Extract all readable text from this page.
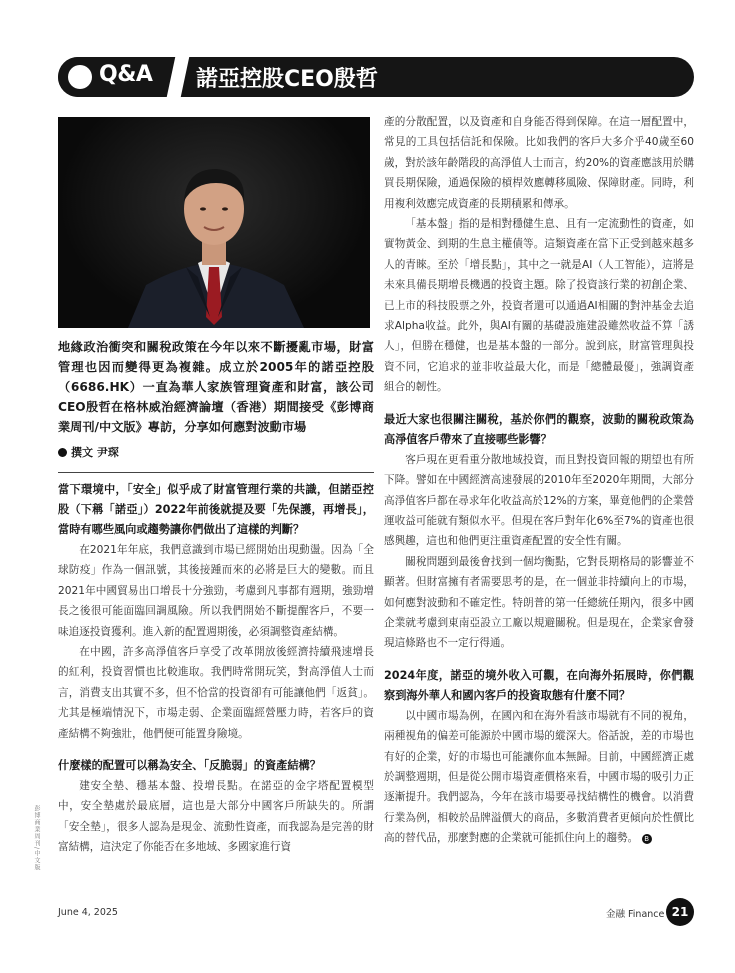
Q&A 諾亞控股CEO殷哲
地緣政治衝突和關稅政策在今年以來不斷擾亂市場，財富管理也因而變得更為複雜。成立於2005年的諾亞控股（6686.HK）一直為華人家族管理資產和財富，該公司CEO殷哲在格林威治經濟論壇（香港）期間接受《彭博商業周刊/中文版》專訪，分享如何應對波動市場
撰文 尹琛

當下環境中，「安全」似乎成了財富管理行業的共識，但諾亞控股（下稱「諾亞」）2022年前後就提及要「先保護，再增長」，當時有哪些風向或趨勢讓你們做出了這樣的判斷？

在2021年年底，我們意識到市場已經開始出現動盪。因為「全球防疫」作為一個訊號，其後接踵而來的必將是巨大的變數。而且2021年中國貿易出口增長十分強勁，考慮到凡事都有週期，強勁增長之後很可能面臨回調風險。所以我們開始不斷提醒客戶，不要一味追逐投資獲利。進入新的配置週期後，必須調整資產結構。

在中國，許多高淨值客戶享受了改革開放後經濟持續飛速增長的紅利，投資習慣也比較進取。我們時常開玩笑，對高淨值人士而言，消費支出其實不多，但不恰當的投資卻有可能讓他們「返貧」。尤其是極端情況下，市場走弱、企業面臨經營壓力時，若客戶的資產結構不夠強壯，他們便可能置身險境。

什麼樣的配置可以稱為安全、「反脆弱」的資產結構？

建安全墊、穩基本盤、投增長點。在諾亞的金字塔配置模型中，安全墊處於最底層，這也是大部分中國客戶所缺失的。所謂「安全墊」，很多人認為是現金、流動性資產，而我認為是完善的財富結構，這決定了你能否在多地域、多國家進行資

產的分散配置，以及資產和自身能否得到保障。在這一層配置中，常見的工具包括信託和保險。比如我們的客戶大多介乎40歲至60歲，對於該年齡階段的高淨值人士而言，約20%的資產應該用於購買長期保險，通過保險的槓桿效應轉移風險、保障財產。同時，利用複利效應完成資產的長期積累和傳承。

「基本盤」指的是相對穩健生息、且有一定流動性的資產，如實物黃金、到期的生息主權債等。這類資產在當下正受到越來越多人的青睞。至於「增長點」，其中之一就是AI（人工智能），這將是未來具備長期增長機遇的投資主題。除了投資該行業的初創企業、已上市的科技股票之外，投資者還可以通過AI相關的對沖基金去追求Alpha收益。此外，與AI有關的基礎設施建設雖然收益不算「誘人」，但勝在穩健，也是基本盤的一部分。說到底，財富管理與投資不同，它追求的並非收益最大化，而是「總體最優」，強調資產組合的韌性。

最近大家也很關注關稅，基於你們的觀察，波動的關稅政策為高淨值客戶帶來了直接哪些影響？

客戶現在更看重分散地域投資，而且對投資回報的期望也有所下降。譬如在中國經濟高速發展的2010年至2020年期間，大部分高淨值客戶都在尋求年化收益高於12%的方案，畢竟他們的企業營運收益可能就有類似水平。但現在客戶對年化6%至7%的資產也很感興趣，這也和他們更注重資產配置的安全性有關。

關稅問題到最後會找到一個均衡點，它對長期格局的影響並不顯著。但財富擁有者需要思考的是，在一個並非持續向上的市場，如何應對波動和不確定性。特朗普的第一任總統任期內，很多中國企業就考慮到東南亞設立工廠以規避關稅。但是現在，企業家會發現這條路也不一定行得通。

2024年度，諾亞的境外收入可觀，在向海外拓展時，你們觀察到海外華人和國內客戶的投資取態有什麼不同？

以中國市場為例，在國內和在海外看該市場就有不同的視角，兩種視角的偏差可能源於中國市場的縱深大。俗話說，差的市場也有好的企業，好的市場也可能讓你血本無歸。目前，中國經濟正處於調整週期，但是從公開市場資產價格來看，中國市場的吸引力正逐漸提升。我們認為，今年在該市場要尋找結構性的機會。以消費行業為例，相較於品牌溢價大的商品，多數消費者更傾向於性價比高的替代品，那麼對應的企業就可能抓住向上的趨勢。 B

彭博商業周刊/中文版
June 4, 2025	金融 Finance 21
